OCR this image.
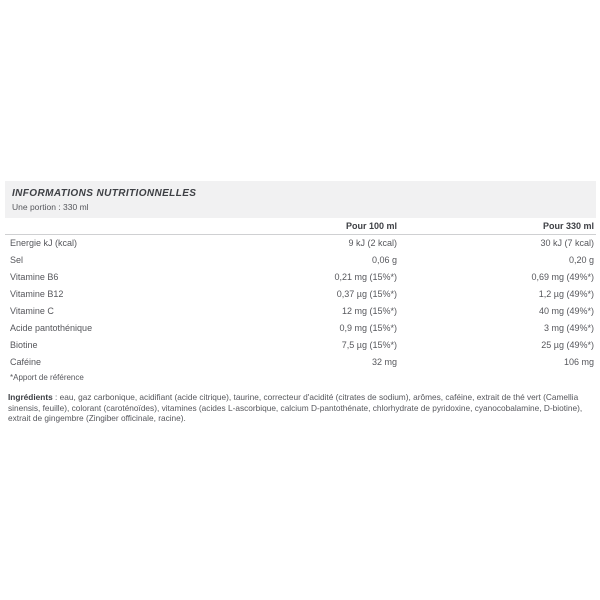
INFORMATIONS NUTRITIONNELLES
Une portion : 330 ml
Pour 100 ml	Pour 330 ml
Energie kJ (kcal)	9 kJ (2 kcal)	30 kJ (7 kcal)
Sel	0,06 g	0,20 g
Vitamine B6	0,21 mg (15%*)	0,69 mg (49%*)
Vitamine B12	0,37 µg (15%*)	1,2 µg (49%*)
Vitamine C	12 mg (15%*)	40 mg (49%*)
Acide pantothénique	0,9 mg (15%*)	3 mg (49%*)
Biotine	7,5 µg (15%*)	25 µg (49%*)
Caféine	32 mg	106 mg
*Apport de référence

Ingrédients : eau, gaz carbonique, acidifiant (acide citrique), taurine, correcteur d'acidité (citrates de sodium), arômes, caféine, extrait de thé vert (Camellia sinensis, feuille), colorant (caroténoïdes), vitamines (acides L-ascorbique, calcium D-pantothénate, chlorhydrate de pyridoxine, cyanocobalamine, D-biotine), extrait de gingembre (Zingiber officinale, racine).
